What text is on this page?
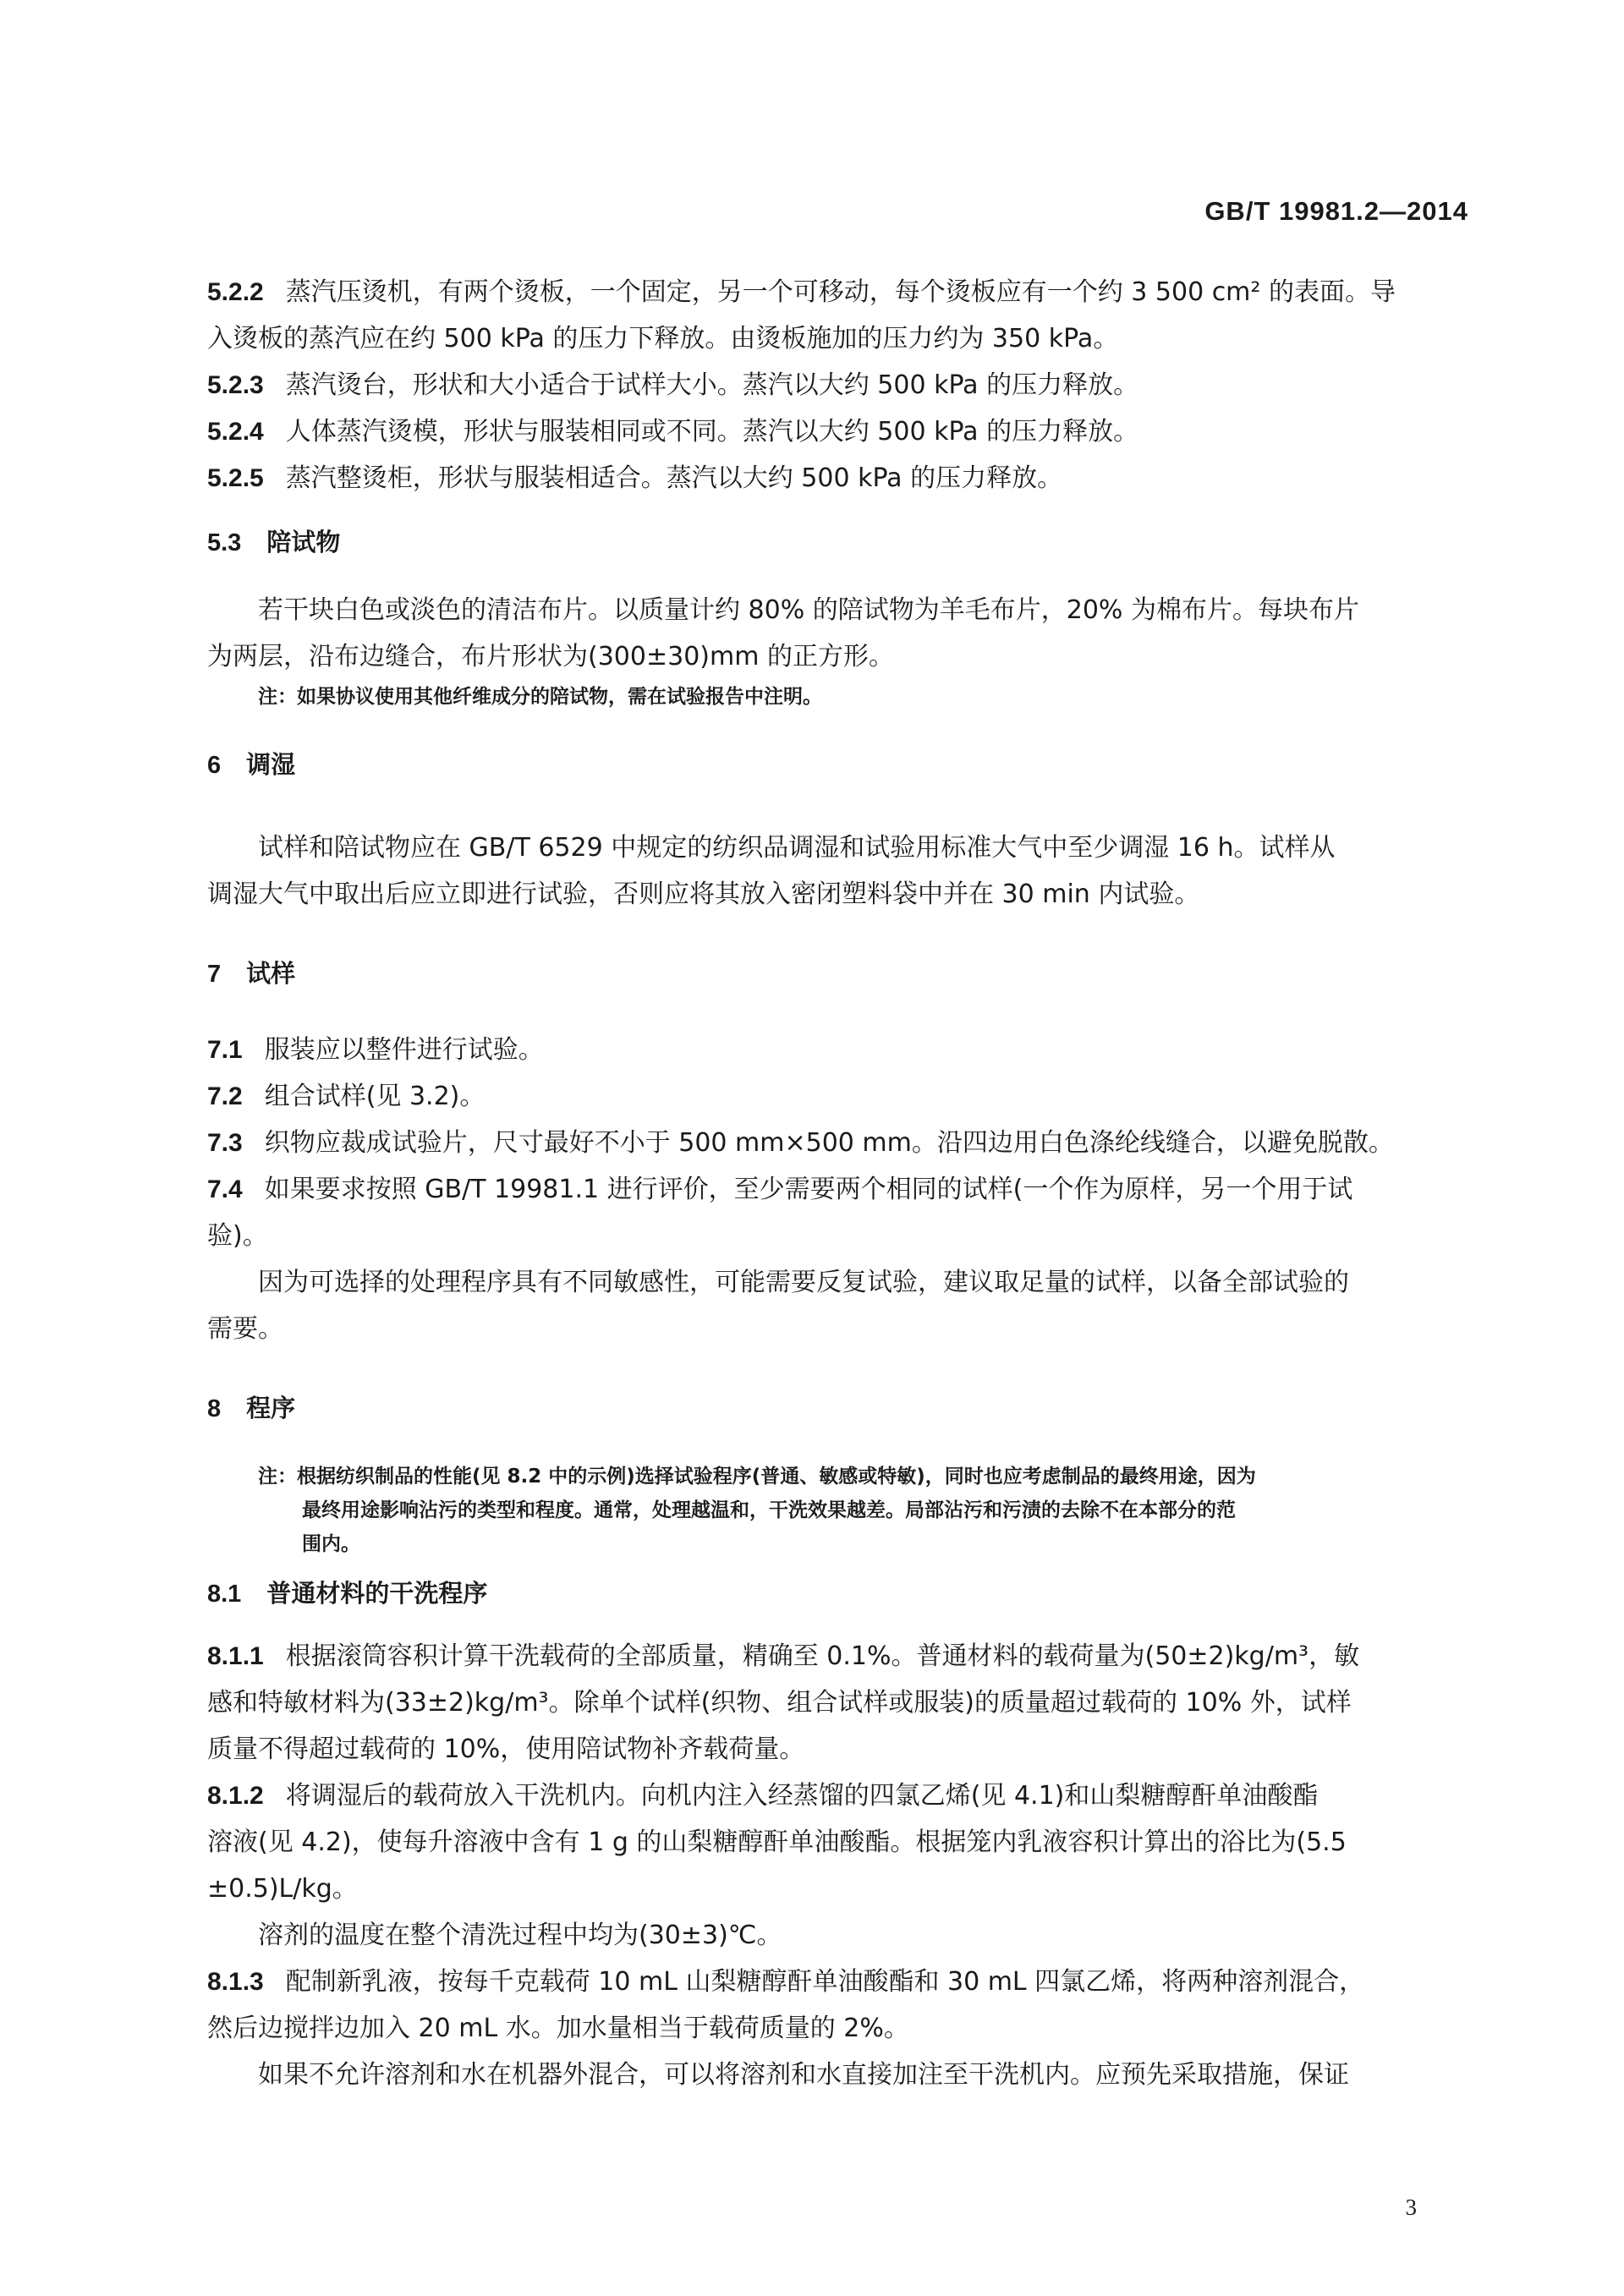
GB/T 19981.2—2014

5.2.2 蒸汽压烫机，有两个烫板，一个固定，另一个可移动，每个烫板应有一个约 3 500 cm² 的表面。导

入烫板的蒸汽应在约 500 kPa 的压力下释放。由烫板施加的压力约为 350 kPa。

5.2.3 蒸汽烫台，形状和大小适合于试样大小。蒸汽以大约 500 kPa 的压力释放。

5.2.4 人体蒸汽烫模，形状与服装相同或不同。蒸汽以大约 500 kPa 的压力释放。

5.2.5 蒸汽整烫柜，形状与服装相适合。蒸汽以大约 500 kPa 的压力释放。

5.3 陪试物

若干块白色或淡色的清洁布片。以质量计约 80% 的陪试物为羊毛布片，20% 为棉布片。每块布片

为两层，沿布边缝合，布片形状为(300±30)mm 的正方形。

注：如果协议使用其他纤维成分的陪试物，需在试验报告中注明。

6 调湿

试样和陪试物应在 GB/T 6529 中规定的纺织品调湿和试验用标准大气中至少调湿 16 h。试样从

调湿大气中取出后应立即进行试验，否则应将其放入密闭塑料袋中并在 30 min 内试验。

7 试样

7.1 服装应以整件进行试验。

7.2 组合试样(见 3.2)。

7.3 织物应裁成试验片，尺寸最好不小于 500 mm×500 mm。沿四边用白色涤纶线缝合，以避免脱散。

7.4 如果要求按照 GB/T 19981.1 进行评价，至少需要两个相同的试样(一个作为原样，另一个用于试

验)。

因为可选择的处理程序具有不同敏感性，可能需要反复试验，建议取足量的试样，以备全部试验的

需要。

8 程序

注：根据纺织制品的性能(见 8.2 中的示例)选择试验程序(普通、敏感或特敏)，同时也应考虑制品的最终用途，因为

最终用途影响沾污的类型和程度。通常，处理越温和，干洗效果越差。局部沾污和污渍的去除不在本部分的范

围内。

8.1 普通材料的干洗程序

8.1.1 根据滚筒容积计算干洗载荷的全部质量，精确至 0.1%。普通材料的载荷量为(50±2)kg/m³，敏

感和特敏材料为(33±2)kg/m³。除单个试样(织物、组合试样或服装)的质量超过载荷的 10% 外，试样

质量不得超过载荷的 10%，使用陪试物补齐载荷量。

8.1.2 将调湿后的载荷放入干洗机内。向机内注入经蒸馏的四氯乙烯(见 4.1)和山梨糖醇酐单油酸酯

溶液(见 4.2)，使每升溶液中含有 1 g 的山梨糖醇酐单油酸酯。根据笼内乳液容积计算出的浴比为(5.5

±0.5)L/kg。

溶剂的温度在整个清洗过程中均为(30±3)℃。

8.1.3 配制新乳液，按每千克载荷 10 mL 山梨糖醇酐单油酸酯和 30 mL 四氯乙烯，将两种溶剂混合，

然后边搅拌边加入 20 mL 水。加水量相当于载荷质量的 2%。

如果不允许溶剂和水在机器外混合，可以将溶剂和水直接加注至干洗机内。应预先采取措施，保证

3
